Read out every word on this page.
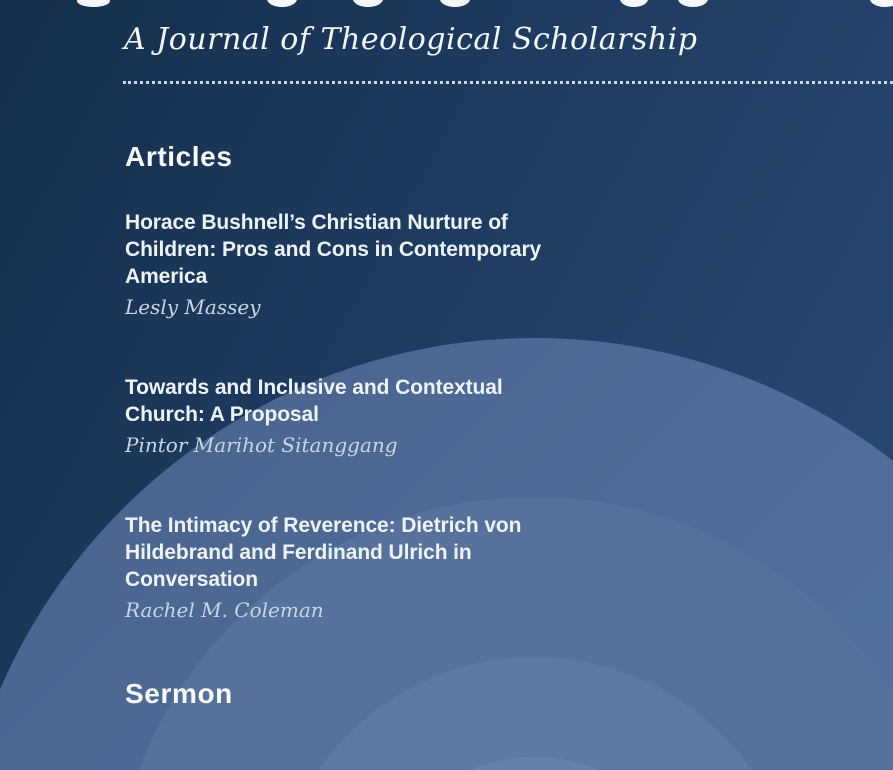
A Journal of Theological Scholarship
Articles
Horace Bushnell’s Christian Nurture of
Children: Pros and Cons in Contemporary
America
Lesly Massey
Towards and Inclusive and Contextual
Church: A Proposal
Pintor Marihot Sitanggang
The Intimacy of Reverence: Dietrich von
Hildebrand and Ferdinand Ulrich in
Conversation
Rachel M. Coleman
Sermon
